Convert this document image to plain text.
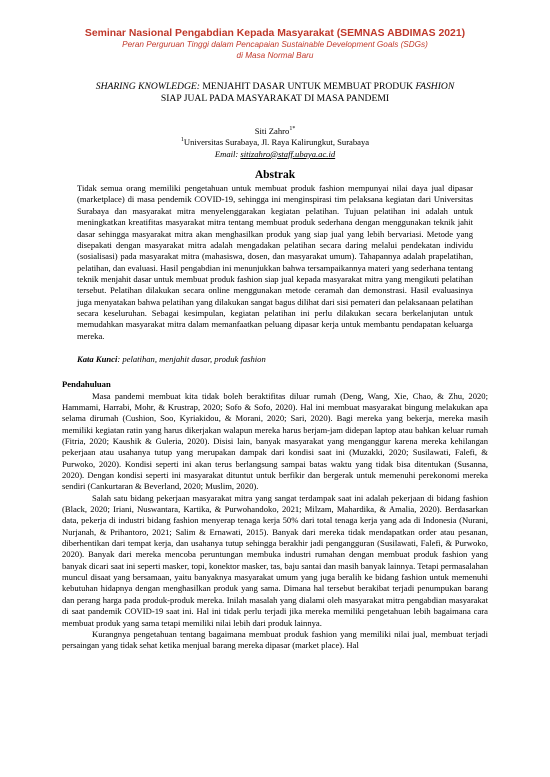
Seminar Nasional Pengabdian Kepada Masyarakat (SEMNAS ABDIMAS 2021)
Peran Perguruan Tinggi dalam Pencapaian Sustainable Development Goals (SDGs)
di Masa Normal Baru
SHARING KNOWLEDGE: MENJAHIT DASAR UNTUK MEMBUAT PRODUK FASHION
SIAP JUAL PADA MASYARAKAT DI MASA PANDEMI
Siti Zahro$^{1*}$
$^1$Universitas Surabaya, Jl. Raya Kalirungkut, Surabaya
Email: sitizahro@staff.ubaya.ac.id
Abstrak
Tidak semua orang memiliki pengetahuan untuk membuat produk fashion mempunyai nilai daya jual dipasar (marketplace) di masa pendemik COVID-19, sehingga ini menginspirasi tim pelaksana kegiatan dari Universitas Surabaya dan masyarakat mitra menyelenggarakan kegiatan pelatihan. Tujuan pelatihan ini adalah untuk meningkatkan kreatifitas masyarakat mitra tentang membuat produk sederhana dengan menggunakan teknik jahit dasar sehingga masyarakat mitra akan menghasilkan produk yang siap jual yang lebih bervariasi. Metode yang disepakati dengan masyarakat mitra adalah mengadakan pelatihan secara daring melalui pendekatan individu (sosialisasi) pada masyarakat mitra (mahasiswa, dosen, dan masyarakat umum). Tahapannya adalah prapelatihan, pelatihan, dan evaluasi. Hasil pengabdian ini menunjukkan bahwa tersampaikannya materi yang sederhana tentang teknik menjahit dasar untuk membuat produk fashion siap jual kepada masyarakat mitra yang mengikuti pelatihan tersebut. Pelatihan dilakukan secara online menggunakan metode ceramah dan demonstrasi. Hasil evaluasinya juga menyatakan bahwa pelatihan yang dilakukan sangat bagus dilihat dari sisi pemateri dan pelaksanaan pelatihan secara keseluruhan. Sebagai kesimpulan, kegiatan pelatihan ini perlu dilakukan secara berkelanjutan untuk memudahkan masyarakat mitra dalam memanfaatkan peluang dipasar kerja untuk membantu pendapatan keluarga mereka.
Kata Kunci: pelatihan, menjahit dasar, produk fashion
Pendahuluan

Masa pandemi membuat kita tidak boleh beraktifitas diluar rumah (Deng, Wang, Xie, Chao, & Zhu, 2020; Hammami, Harrabi, Mohr, & Krustrap, 2020; Sofo & Sofo, 2020). Hal ini membuat masyarakat bingung melakukan apa selama dirumah (Cushion, Soo, Kyriakidou, & Morani, 2020; Sari, 2020). Bagi mereka yang bekerja, mereka masih memiliki kegiatan ratin yang harus dikerjakan walapun mereka harus berjam-jam didepan laptop atau bahkan keluar rumah (Fitria, 2020; Kaushik & Guleria, 2020). Disisi lain, banyak masyarakat yang menganggur karena mereka kehilangan pekerjaan atau usahanya tutup yang merupakan dampak dari kondisi saat ini (Muzakki, 2020; Susilawati, Falefi, & Purwoko, 2020). Kondisi seperti ini akan terus berlangsung sampai batas waktu yang tidak bisa ditentukan (Susanna, 2020). Dengan kondisi seperti ini masyarakat dituntut untuk berfikir dan bergerak untuk memenuhi perekonomi mereka sendiri (Cankurtaran & Beverland, 2020; Muslim, 2020).

Salah satu bidang pekerjaan masyarakat mitra yang sangat terdampak saat ini adalah pekerjaan di bidang fashion (Black, 2020; Iriani, Nuswantara, Kartika, & Purwohandoko, 2021; Milzam, Mahardika, & Amalia, 2020). Berdasarkan data, pekerja di industri bidang fashion menyerap tenaga kerja 50% dari total tenaga kerja yang ada di Indonesia (Nurani, Nurjanah, & Prihantoro, 2021; Salim & Ernawati, 2015). Banyak dari mereka tidak mendapatkan order atau pesanan, diberhentikan dari tempat kerja, dan usahanya tutup sehingga berakhir jadi pengangguran (Susilawati, Falefi, & Purwoko, 2020). Banyak dari mereka mencoba peruntungan membuka industri rumahan dengan membuat produk fashion yang banyak dicari saat ini seperti masker, topi, konektor masker, tas, baju santai dan masih banyak lainnya. Tetapi permasalahan muncul disaat yang bersamaan, yaitu banyaknya masyarakat umum yang juga beralih ke bidang fashion untuk memenuhi kebutuhan hidapnya dengan menghasilkan produk yang sama. Dimana hal tersebut berakibat terjadi penumpukan barang dan perang harga pada produk-produk mereka. Inilah masalah yang dialami oleh masyarakat mitra pengabdian masyarakat di saat pandemik COVID-19 saat ini. Hal ini tidak perlu terjadi jika mereka memiliki pengetahuan lebih bagaimana cara membuat produk yang sama tetapi memiliki nilai lebih dari produk lainnya.

Kurangnya pengetahuan tentang bagaimana membuat produk fashion yang memiliki nilai jual, membuat terjadi persaingan yang tidak sehat ketika menjual barang mereka dipasar (market place). Hal
